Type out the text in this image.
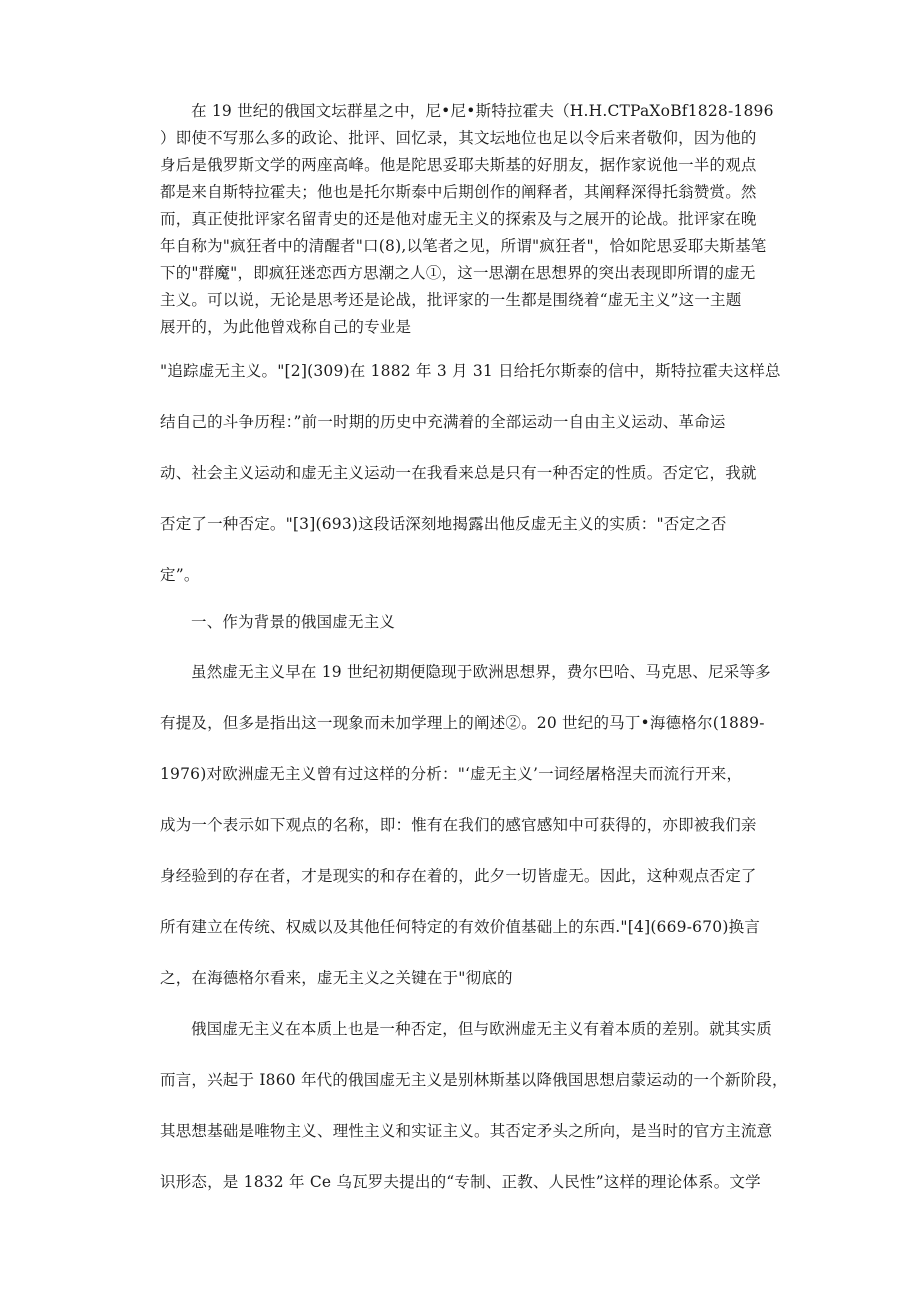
在 19 世纪的俄国文坛群星之中，尼•尼•斯特拉霍夫（H.H.CTPaXoBf1828-1896
）即使不写那么多的政论、批评、回忆录，其文坛地位也足以令后来者敬仰，因为他的
身后是俄罗斯文学的两座高峰。他是陀思妥耶夫斯基的好朋友，据作家说他一半的观点
都是来自斯特拉霍夫；他也是托尔斯泰中后期创作的阐释者，其阐释深得托翁赞赏。然
而，真正使批评家名留青史的还是他对虚无主义的探索及与之展开的论战。批评家在晚
年自称为"疯狂者中的清醒者"口(8),以笔者之见，所谓"疯狂者"，恰如陀思妥耶夫斯基笔
下的"群魔"，即疯狂迷恋西方思潮之人①，这一思潮在思想界的突出表现即所谓的虚无
主义。可以说，无论是思考还是论战，批评家的一生都是围绕着“虚无主义”这一主题
展开的，为此他曾戏称自己的专业是
"追踪虚无主义。"[2](309)在 1882 年 3 月 31 日给托尔斯泰的信中，斯特拉霍夫这样总
结自己的斗争历程：”前一时期的历史中充满着的全部运动一自由主义运动、革命运
动、社会主义运动和虚无主义运动一在我看来总是只有一种否定的性质。否定它，我就
否定了一种否定。"[3](693)这段话深刻地揭露出他反虚无主义的实质："否定之否
定”。
一、作为背景的俄国虚无主义
虽然虚无主义早在 19 世纪初期便隐现于欧洲思想界，费尔巴哈、马克思、尼采等多
有提及，但多是指出这一现象而未加学理上的阐述②。20 世纪的马丁•海德格尔(1889-
1976)对欧洲虚无主义曾有过这样的分析："‘虚无主义’一词经屠格涅夫而流行开来，
成为一个表示如下观点的名称，即：惟有在我们的感官感知中可获得的，亦即被我们亲
身经验到的存在者，才是现实的和存在着的，此夕一切皆虚无。因此，这种观点否定了
所有建立在传统、权威以及其他任何特定的有效价值基础上的东西."[4](669-670)换言
之，在海德格尔看来，虚无主义之关键在于"彻底的
俄国虚无主义在本质上也是一种否定，但与欧洲虚无主义有着本质的差别。就其实质
而言，兴起于 I860 年代的俄国虚无主义是别林斯基以降俄国思想启蒙运动的一个新阶段，
其思想基础是唯物主义、理性主义和实证主义。其否定矛头之所向，是当时的官方主流意
识形态，是 1832 年 Ce 乌瓦罗夫提出的“专制、正教、人民性”这样的理论体系。文学
